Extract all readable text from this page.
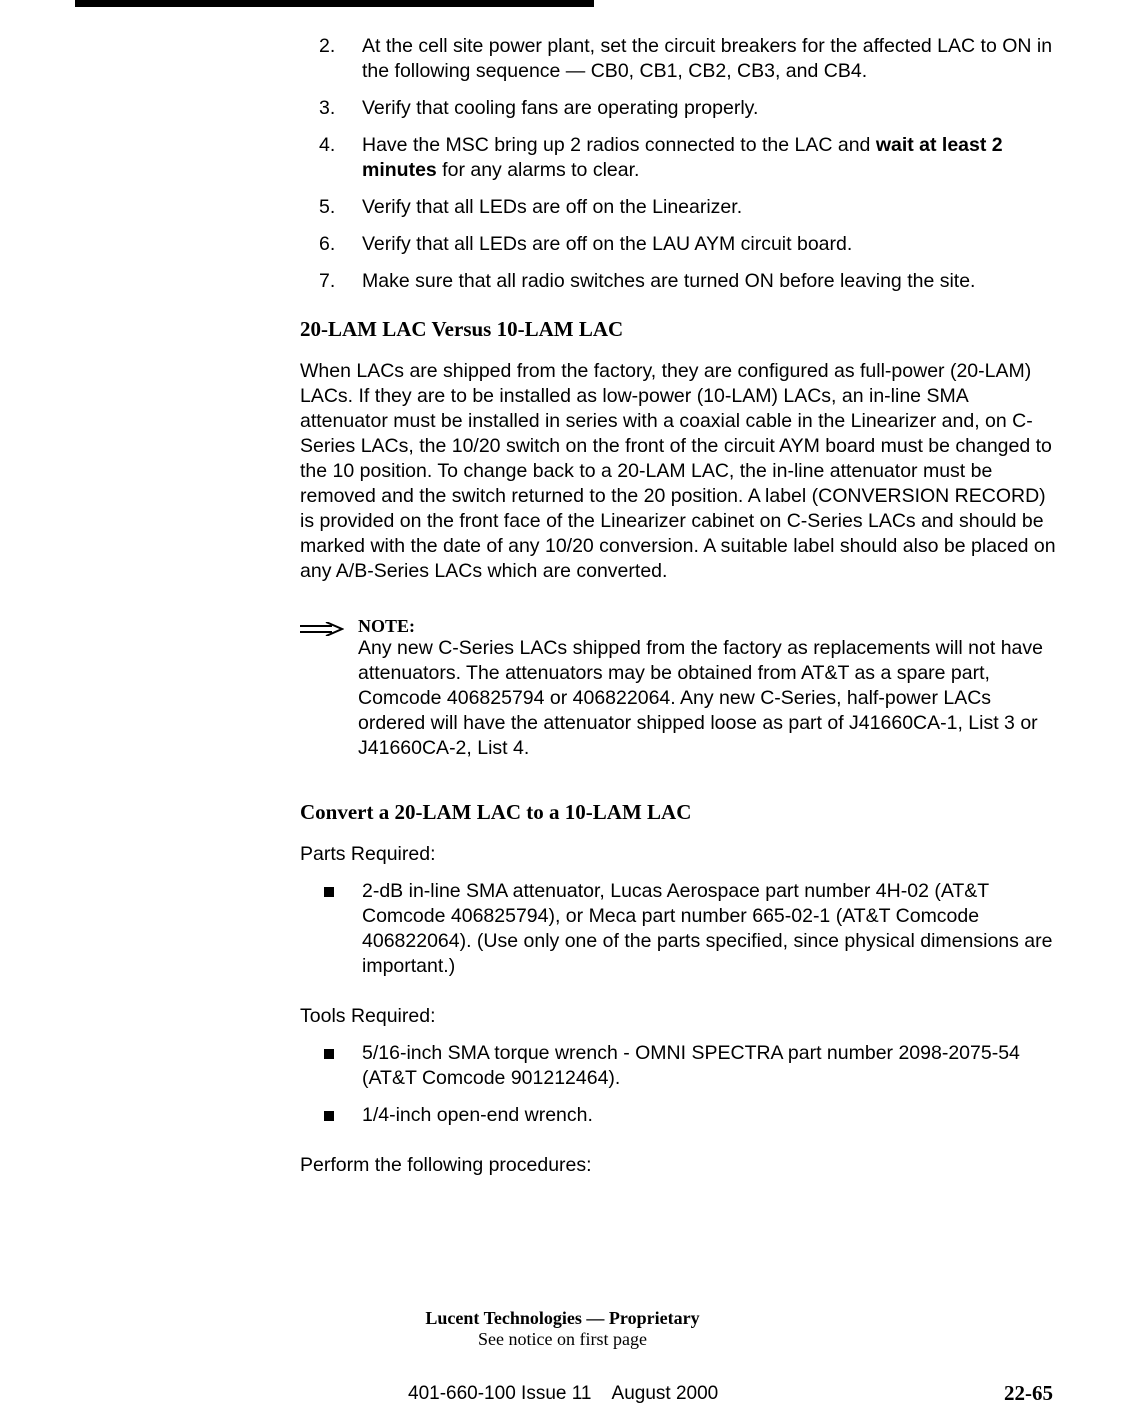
2. At the cell site power plant, set the circuit breakers for the affected LAC to ON in the following sequence — CB0, CB1, CB2, CB3, and CB4.
3. Verify that cooling fans are operating properly.
4. Have the MSC bring up 2 radios connected to the LAC and wait at least 2 minutes for any alarms to clear.
5. Verify that all LEDs are off on the Linearizer.
6. Verify that all LEDs are off on the LAU AYM circuit board.
7. Make sure that all radio switches are turned ON before leaving the site.
20-LAM LAC Versus 10-LAM LAC

When LACs are shipped from the factory, they are configured as full-power (20-LAM) LACs. If they are to be installed as low-power (10-LAM) LACs, an in-line SMA attenuator must be installed in series with a coaxial cable in the Linearizer and, on C-Series LACs, the 10/20 switch on the front of the circuit AYM board must be changed to the 10 position. To change back to a 20-LAM LAC, the in-line attenuator must be removed and the switch returned to the 20 position. A label (CONVERSION RECORD) is provided on the front face of the Linearizer cabinet on C-Series LACs and should be marked with the date of any 10/20 conversion. A suitable label should also be placed on any A/B-Series LACs which are converted.

NOTE:

Any new C-Series LACs shipped from the factory as replacements will not have attenuators. The attenuators may be obtained from AT&T as a spare part, Comcode 406825794 or 406822064. Any new C-Series, half-power LACs ordered will have the attenuator shipped loose as part of J41660CA-1, List 3 or J41660CA-2, List 4.

Convert a 20-LAM LAC to a 10-LAM LAC

Parts Required:

2-dB in-line SMA attenuator, Lucas Aerospace part number 4H-02 (AT&T Comcode 406825794), or Meca part number 665-02-1 (AT&T Comcode 406822064). (Use only one of the parts specified, since physical dimensions are important.)

Tools Required:

5/16-inch SMA torque wrench - OMNI SPECTRA part number 2098-2075-54 (AT&T Comcode 901212464).
1/4-inch open-end wrench.

Perform the following procedures:

Lucent Technologies — Proprietary
See notice on first page
401-660-100 Issue 11    August 2000	22-65
